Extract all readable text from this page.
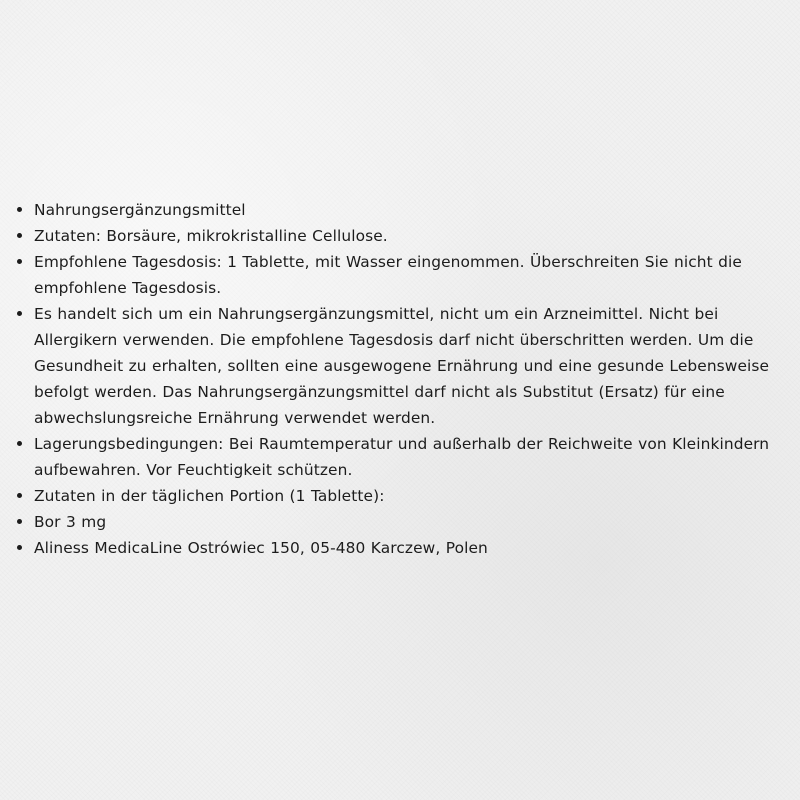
Nahrungsergänzungsmittel
Zutaten: Borsäure, mikrokristalline Cellulose.
Empfohlene Tagesdosis: 1 Tablette, mit Wasser eingenommen. Überschreiten Sie nicht die empfohlene Tagesdosis.
Es handelt sich um ein Nahrungsergänzungsmittel, nicht um ein Arzneimittel. Nicht bei Allergikern verwenden. Die empfohlene Tagesdosis darf nicht überschritten werden. Um die Gesundheit zu erhalten, sollten eine ausgewogene Ernährung und eine gesunde Lebensweise befolgt werden. Das Nahrungsergänzungsmittel darf nicht als Substitut (Ersatz) für eine abwechslungsreiche Ernährung verwendet werden.
Lagerungsbedingungen: Bei Raumtemperatur und außerhalb der Reichweite von Kleinkindern aufbewahren. Vor Feuchtigkeit schützen.
Zutaten in der täglichen Portion (1 Tablette):
Bor 3 mg
Aliness MedicaLine Ostrówiec 150, 05-480 Karczew, Polen
